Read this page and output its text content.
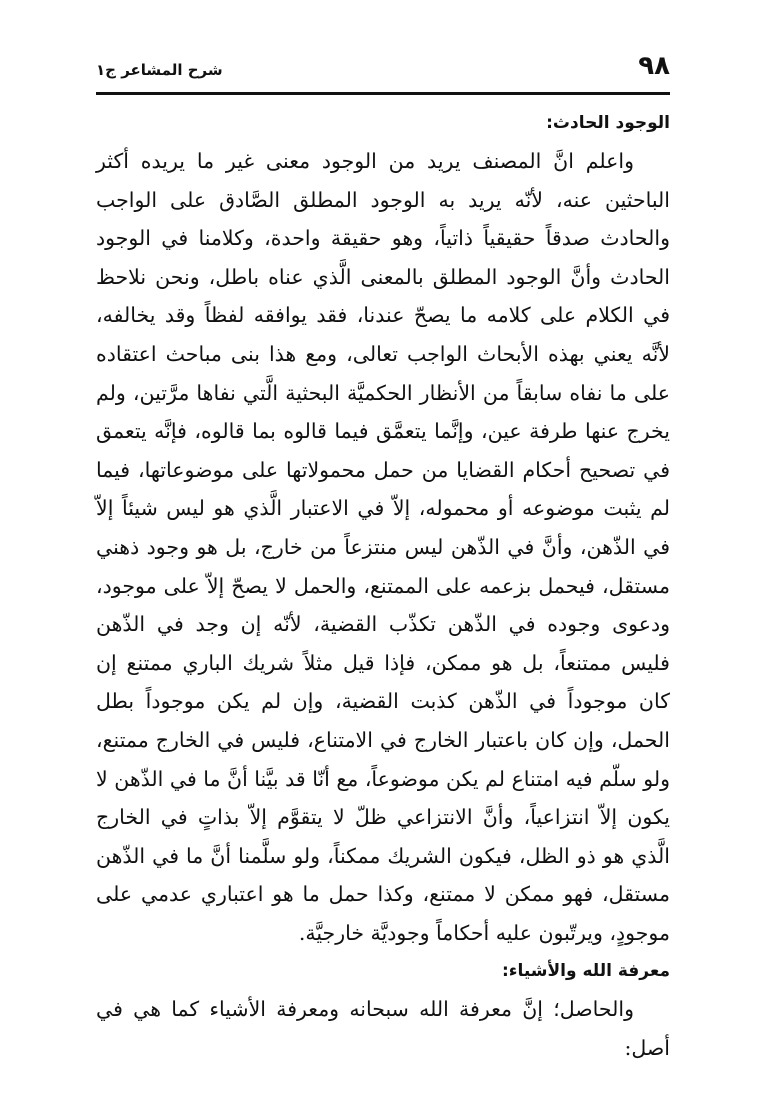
٩٨
شرح المشاعر ج١
الوجود الحادث:

واعلم انَّ المصنف يريد من الوجود معنى غير ما يريده أكثر الباحثين عنه، لأنّه يريد به الوجود المطلق الصَّادق على الواجب والحادث صدقاً حقيقياً ذاتياً، وهو حقيقة واحدة، وكلامنا في الوجود الحادث وأنَّ الوجود المطلق بالمعنى الَّذي عناه باطل، ونحن نلاحظ في الكلام على كلامه ما يصحّ عندنا، فقد يوافقه لفظاً وقد يخالفه، لأنَّه يعني بهذه الأبحاث الواجب تعالى، ومع هذا بنى مباحث اعتقاده على ما نفاه سابقاً من الأنظار الحكميَّة البحثية الَّتي نفاها مرَّتين، ولم يخرج عنها طرفة عين، وإنَّما يتعمَّق فيما قالوه بما قالوه، فإنَّه يتعمق في تصحيح أحكام القضايا من حمل محمولاتها على موضوعاتها، فيما لم يثبت موضوعه أو محموله، إلاّ في الاعتبار الَّذي هو ليس شيئاً إلاّ في الذّهن، وأنَّ في الذّهن ليس منتزعاً من خارج، بل هو وجود ذهني مستقل، فيحمل بزعمه على الممتنع، والحمل لا يصحّ إلاّ على موجود، ودعوى وجوده في الذّهن تكذّب القضية، لأنّه إن وجد في الذّهن فليس ممتنعاً، بل هو ممكن، فإذا قيل مثلاً شريك الباري ممتنع إن كان موجوداً في الذّهن كذبت القضية، وإن لم يكن موجوداً بطل الحمل، وإن كان باعتبار الخارج في الامتناع، فليس في الخارج ممتنع، ولو سلّم فيه امتناع لم يكن موضوعاً، مع أنّا قد بيَّنا أنَّ ما في الذّهن لا يكون إلاّ انتزاعياً، وأنَّ الانتزاعي ظلّ لا يتقوَّم إلاّ بذاتٍ في الخارج الَّذي هو ذو الظل، فيكون الشريك ممكناً، ولو سلَّمنا أنَّ ما في الذّهن مستقل، فهو ممكن لا ممتنع، وكذا حمل ما هو اعتباري عدمي على موجودٍ، ويرتّبون عليه أحكاماً وجوديَّة خارجيَّة.

معرفة الله والأشياء:

والحاصل؛ إنَّ معرفة الله سبحانه ومعرفة الأشياء كما هي في أصل:
